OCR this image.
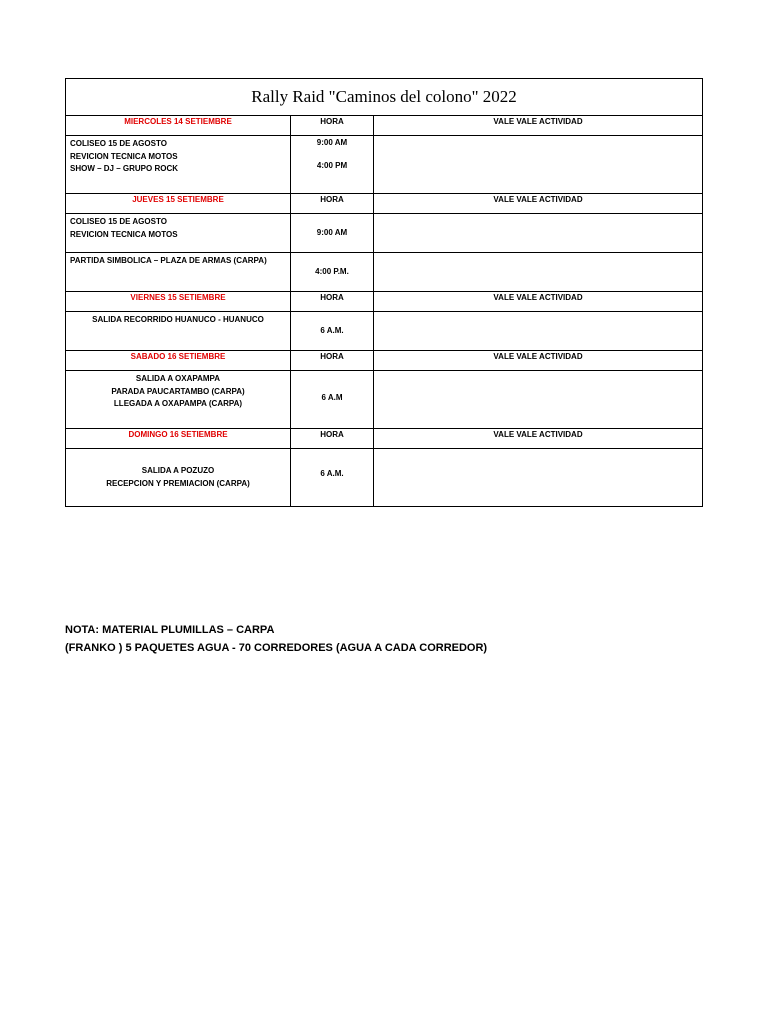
Rally Raid "Caminos del colono" 2022		
MIERCOLES 14 SETIEMBRE	HORA	VALE VALE ACTIVIDAD

COLISEO 15 DE AGOSTO
REVICION TECNICA MOTOS
SHOW – DJ – GRUPO ROCK	9:00 AM
4:00 PM	

JUEVES 15 SETIEMBRE	HORA	VALE VALE ACTIVIDAD

COLISEO 15 DE AGOSTO
REVICION TECNICA MOTOS	9:00 AM	

PARTIDA SIMBOLICA – PLAZA DE ARMAS (CARPA)	4:00 P.M.	

VIERNES 15 SETIEMBRE	HORA	VALE VALE ACTIVIDAD

SALIDA RECORRIDO HUANUCO - HUANUCO	6 A.M.	

SABADO 16 SETIEMBRE	HORA	VALE VALE ACTIVIDAD

SALIDA A OXAPAMPA
PARADA PAUCARTAMBO (CARPA)
LLEGADA A OXAPAMPA (CARPA)	6 A.M	

DOMINGO 16 SETIEMBRE	HORA	VALE VALE ACTIVIDAD

SALIDA A POZUZO
RECEPCION Y PREMIACION (CARPA)	6 A.M.	

NOTA: MATERIAL PLUMILLAS – CARPA
(FRANKO ) 5 PAQUETES AGUA - 70 CORREDORES (AGUA A CADA CORREDOR)
